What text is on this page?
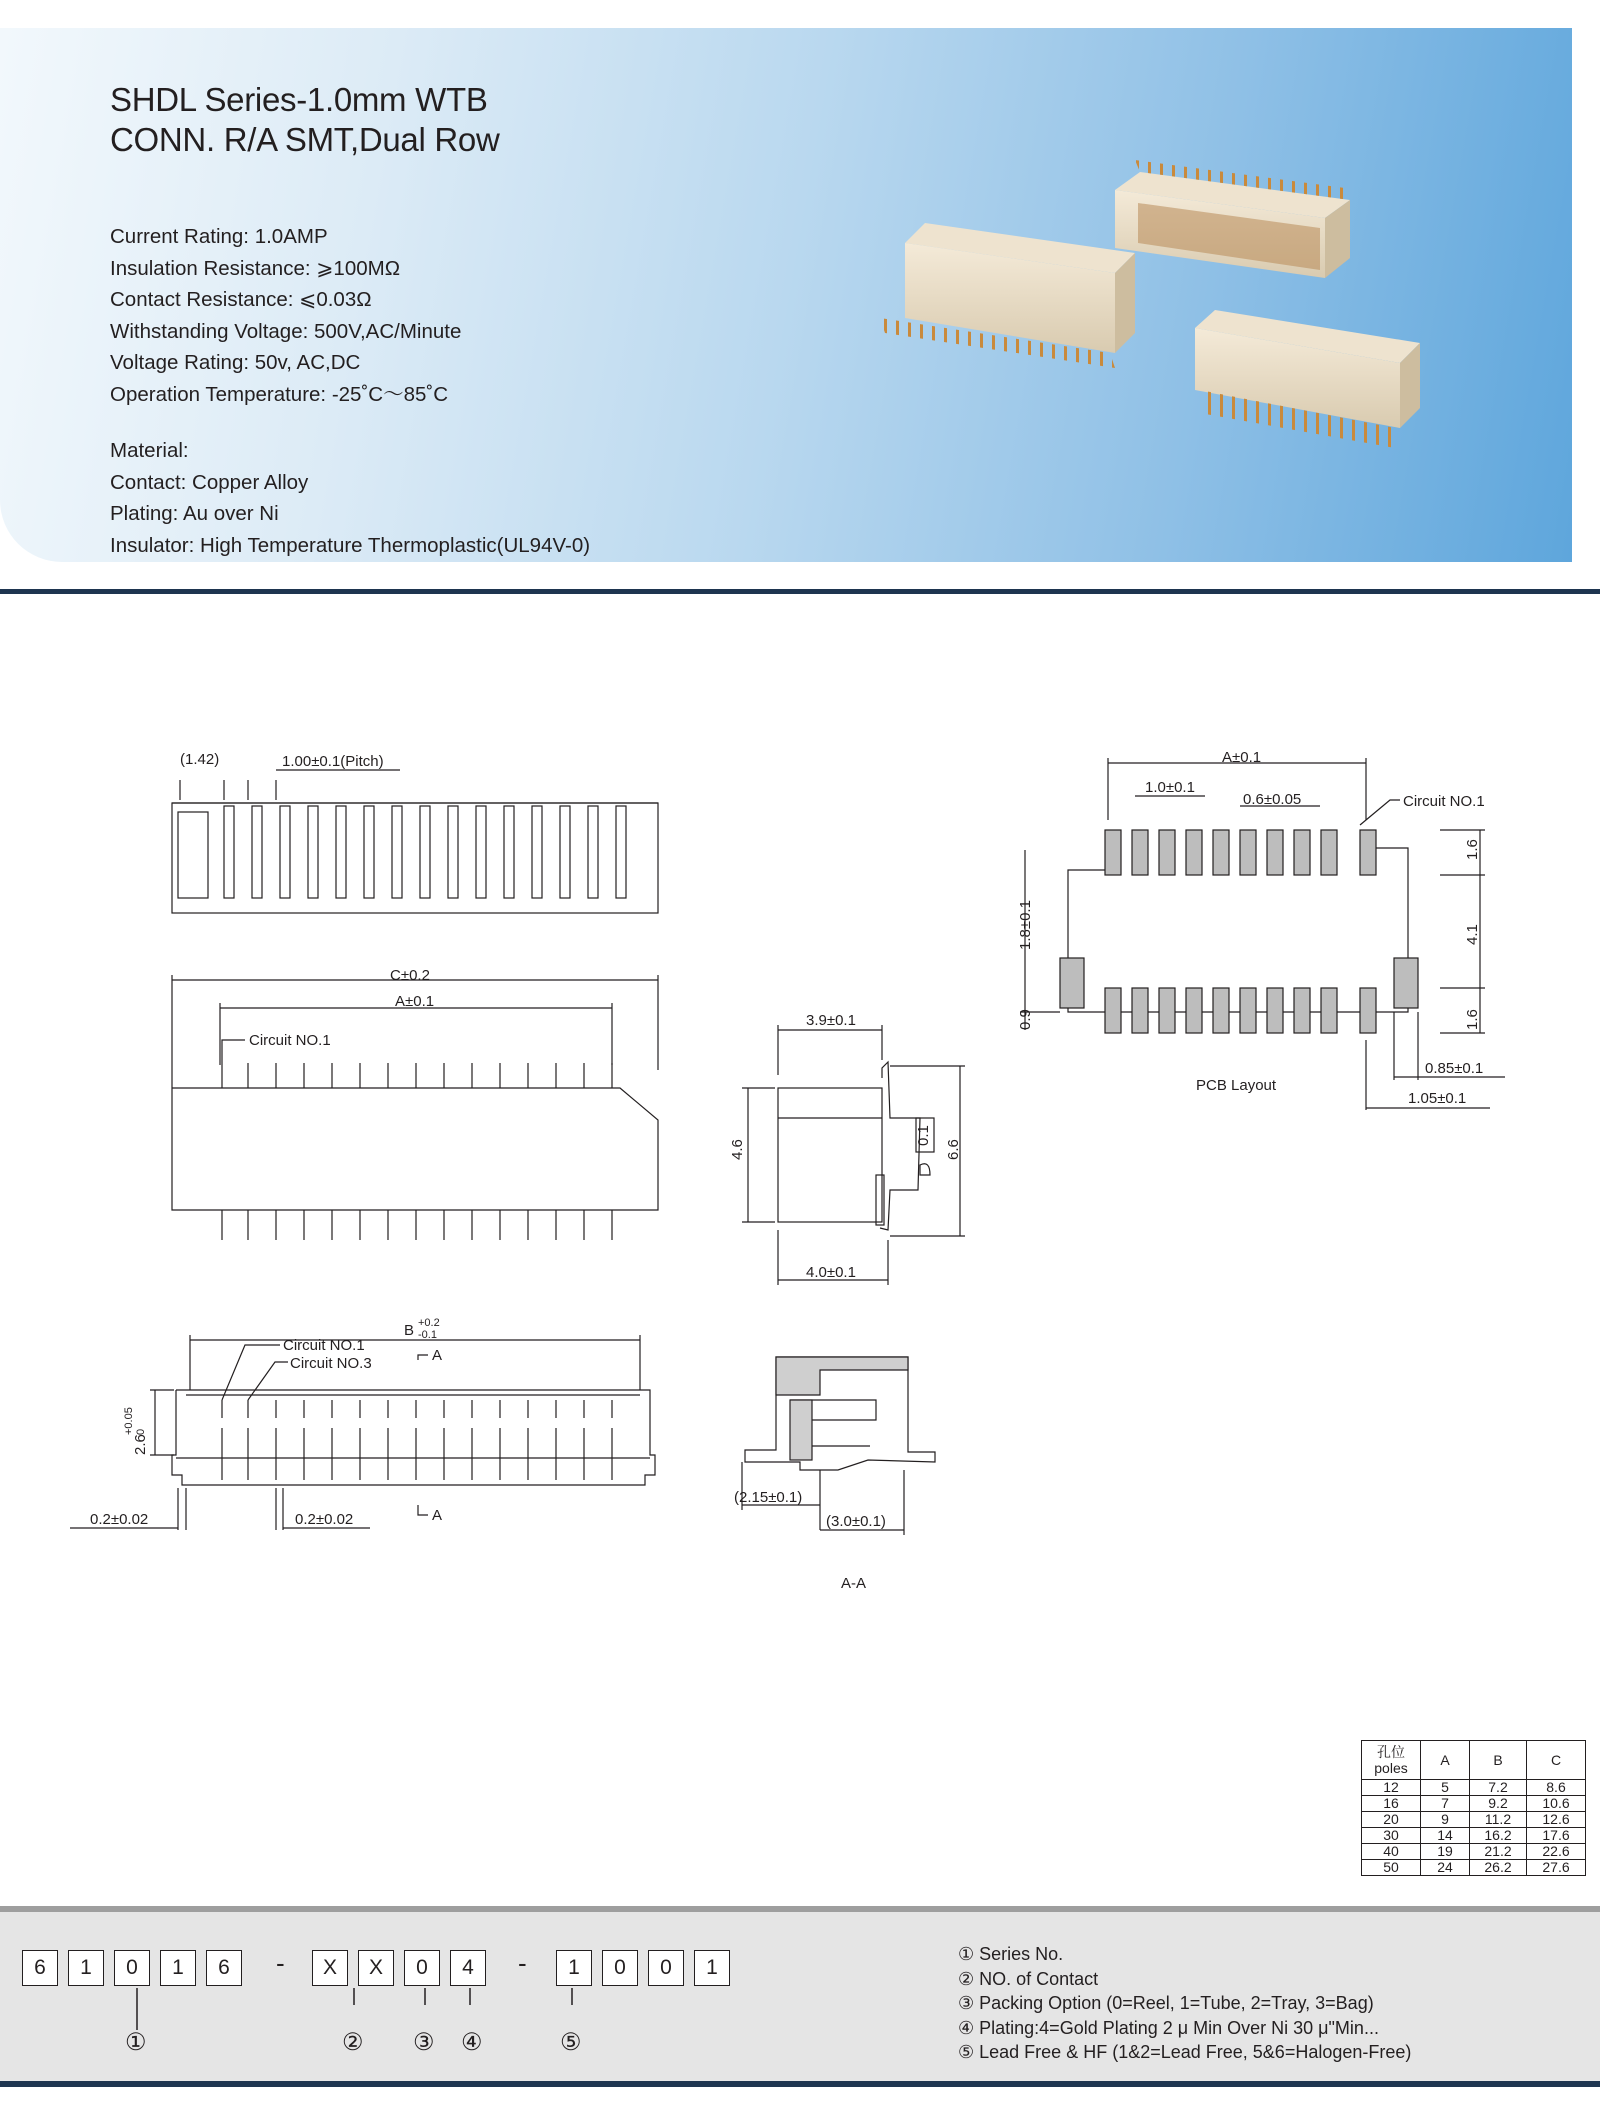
SHDL Series-1.0mm WTB
CONN. R/A SMT,Dual Row
Current Rating: 1.0AMP
Insulation Resistance: ⩾100MΩ
Contact Resistance: ⩽0.03Ω
Withstanding Voltage: 500V,AC/Minute
Voltage Rating: 50v, AC,DC
Operation Temperature: -25˚C～85˚C
Material:
Contact: Copper Alloy
Plating: Au over Ni
Insulator: High Temperature Thermoplastic(UL94V-0)
(1.42)	1.00±0.1(Pitch)
C±0.2
A±0.1
Circuit NO.1
3.9±0.1
4.6	6.6
0.1
4.0±0.1
B +0.2
-0.1
Circuit NO.1
Circuit NO.3	A
A
2.6
+0.05 0
0.2±0.02	0.2±0.02
(2.15±0.1)
(3.0±0.1)
A-A
A±0.1
1.0±0.1
0.6±0.05	Circuit NO.1
1.8±0.1
0.9
1.6
4.1
1.6
0.85±0.1
1.05±0.1
PCB Layout
孔位
poles	A	B	C
12	5	7.2	8.6
16	7	9.2	10.6
20	9	11.2	12.6
30	14	16.2	17.6
40	19	21.2	22.6
50	24	26.2	27.6
6	1	0	1	6	-	X	X	0	4	-	1	0	0	1
①	② ③ ④	⑤
① Series No.
② NO. of Contact
③ Packing Option (0=Reel, 1=Tube, 2=Tray, 3=Bag)
④ Plating:4=Gold Plating 2 μ Min Over Ni 30 μ"Min...
⑤ Lead Free & HF (1&2=Lead Free, 5&6=Halogen-Free)
